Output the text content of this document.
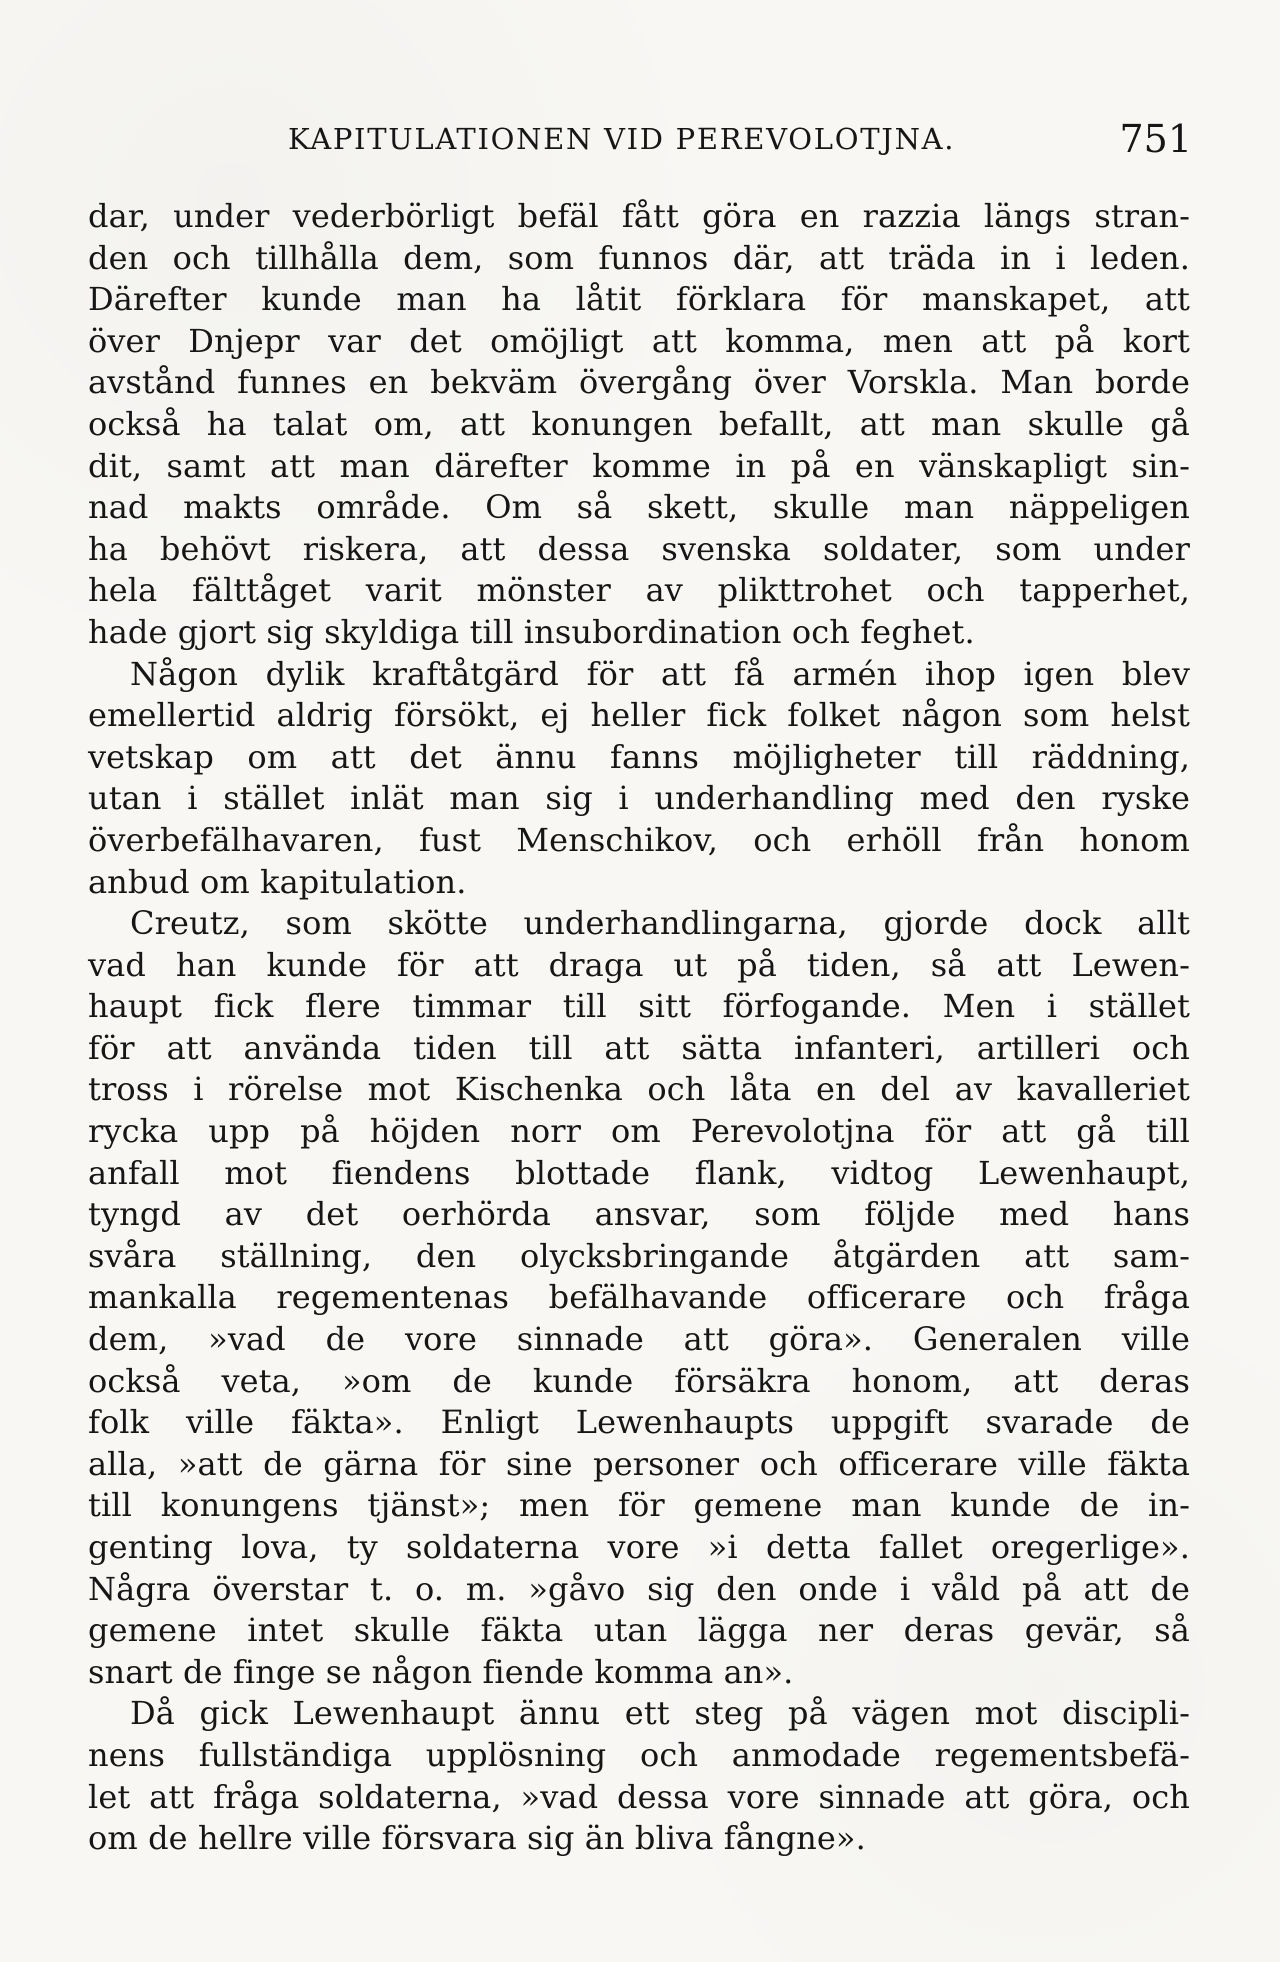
KAPITULATIONEN VID PEREVOLOTJNA.	751
dar, under vederbörligt befäl fått göra en razzia längs stran-
den och tillhålla dem, som funnos där, att träda in i leden.
Därefter kunde man ha låtit förklara för manskapet, att
över Dnjepr var det omöjligt att komma, men att på kort
avstånd funnes en bekväm övergång över Vorskla. Man borde
också ha talat om, att konungen befallt, att man skulle gå
dit, samt att man därefter komme in på en vänskapligt sin-
nad makts område. Om så skett, skulle man näppeligen
ha behövt riskera, att dessa svenska soldater, som under
hela fälttåget varit mönster av plikttrohet och tapperhet,
hade gjort sig skyldiga till insubordination och feghet.
Någon dylik kraftåtgärd för att få armén ihop igen blev
emellertid aldrig försökt, ej heller fick folket någon som helst
vetskap om att det ännu fanns möjligheter till räddning,
utan i stället inlät man sig i underhandling med den ryske
överbefälhavaren, fust Menschikov, och erhöll från honom
anbud om kapitulation.
Creutz, som skötte underhandlingarna, gjorde dock allt
vad han kunde för att draga ut på tiden, så att Lewen-
haupt fick flere timmar till sitt förfogande. Men i stället
för att använda tiden till att sätta infanteri, artilleri och
tross i rörelse mot Kischenka och låta en del av kavalleriet
rycka upp på höjden norr om Perevolotjna för att gå till
anfall mot fiendens blottade flank, vidtog Lewenhaupt,
tyngd av det oerhörda ansvar, som följde med hans
svåra ställning, den olycksbringande åtgärden att sam-
mankalla regementenas befälhavande officerare och fråga
dem, »vad de vore sinnade att göra». Generalen ville
också veta, »om de kunde försäkra honom, att deras
folk ville fäkta». Enligt Lewenhaupts uppgift svarade de
alla, »att de gärna för sine personer och officerare ville fäkta
till konungens tjänst»; men för gemene man kunde de in-
genting lova, ty soldaterna vore »i detta fallet oregerlige».
Några överstar t. o. m. »gåvo sig den onde i våld på att de
gemene intet skulle fäkta utan lägga ner deras gevär, så
snart de finge se någon fiende komma an».
Då gick Lewenhaupt ännu ett steg på vägen mot discipli-
nens fullständiga upplösning och anmodade regementsbefä-
let att fråga soldaterna, »vad dessa vore sinnade att göra, och
om de hellre ville försvara sig än bliva fångne».
